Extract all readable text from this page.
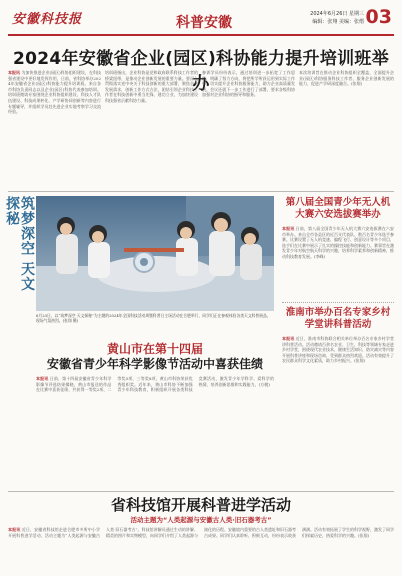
安徽科技报	科普安徽
2024年6月26日 星期三
编辑：张翔 美编：张熠 03
2024年安徽省企业(园区)科协能力提升培训班举办
本报讯 为加快推进企业(园区)科协组织建设，在科技强省建设中更好地发挥作用，日前，省科协举办2024年安徽省企业(园区)科协能力提升培训班。来自各市科协负责同志以及企业(园区)科协代表参加培训。培训班邀请专家围绕企业科协组织建设、科技人才队伍建设、科技成果转化、产学研协同创新等内容进行专题辅导，并组织学员赴先进企业实地考察学习交流经验。
培训班指出，企业科协是党和政府联系科技工作者的桥梁纽带，是推动企业创新发展的重要力量。要深入贯彻落实党中央关于科技创新的重大部署，聚焦企业发展需求，创新工作方式方法，团结引领企业科技工作者在科技创新中勇当先锋、建功立业，为加快建设科技强省贡献科协力量。
参训学员纷纷表示，通过培训进一步拓宽了工作思路、明确了努力方向，将把所学所获运用到实际工作中，切实提升企业科协服务能力，助力企业高质量发展。会议还就下一步工作进行了部署，要求各级科协加强对企业科协的指导和服务。
本次培训旨在推动企业科协组织全覆盖，全面提升企业(园区)科协服务科技工作者、服务企业创新发展的能力，促进产学研深度融合。(张翔)
筑梦深空 天文探秘
6月23日，以“筑梦深空 天文探秘”为主题的2024年全国科技活动周暨科普日主场活动在合肥举行，同学们正在参观体验各类天文科普展品，现场气氛热烈。(张翔 摄)
第八届全国青少年无人机大赛六安选拔赛举办
本报讯 日前，第八届全国青少年无人机大赛六安选拔赛在六安市举办。来自全市各县区的近百支代表队、数百名青少年选手参赛。比赛设置了无人机竞速、编程飞行、创意设计等多个项目，选手们在比赛中展示了扎实的操控技能和创新能力。赛事旨在激发青少年对航空航天科学的兴趣，培养科学素养和创新精神，推动科技教育发展。(李峰)
淮南市举办百名专家乡村学堂讲科普活动
本报讯 近日，淮南市科协联合相关单位举办百名专家乡村学堂讲科普活动。活动邀请百余名农业、卫生、科技等领域专家走进乡村学堂，围绕现代农业技术、健康生活知识、防灾减灾等内容开展科普讲座和现场咨询，受到群众热烈欢迎。活动有效提升了农民群众科学文化素质，助力乡村振兴。(张翔)
黄山市在第十四届
安徽省青少年科学影像节活动中喜获佳绩
本报讯 日前，第十四届安徽省青少年科学影像节评选结果揭晓，黄山市报送的作品在比赛中喜获佳绩，共获得一等奖2项、二等奖5项、三等奖8项，黄山市科协荣获优秀组织奖。近年来，黄山市科协不断加强青少年科技教育，积极组织开展各类科技竞赛活动，激发青少年学科学、爱科学的热情，培养创新思维和实践能力。(方桃)
省科技馆开展科普进学活动
活动主题为“人类起源与安徽古人类·旧石器考古”
本报讯 近日，安徽省科技馆走进合肥市多所中小学开展科普进学活动，活动主题为“人类起源与安徽古人类·旧石器考古”。科技馆讲解员通过生动的讲解、精美的图片和实物模型，向同学们介绍了人类起源与演化的历程、安徽境内重要的古人类遗址和旧石器考古成果。同学们认真聆听、积极互动，纷纷表示收获满满。活动有效拓展了学生的科学视野，激发了同学们探索历史、热爱科学的兴趣。(张翔)
